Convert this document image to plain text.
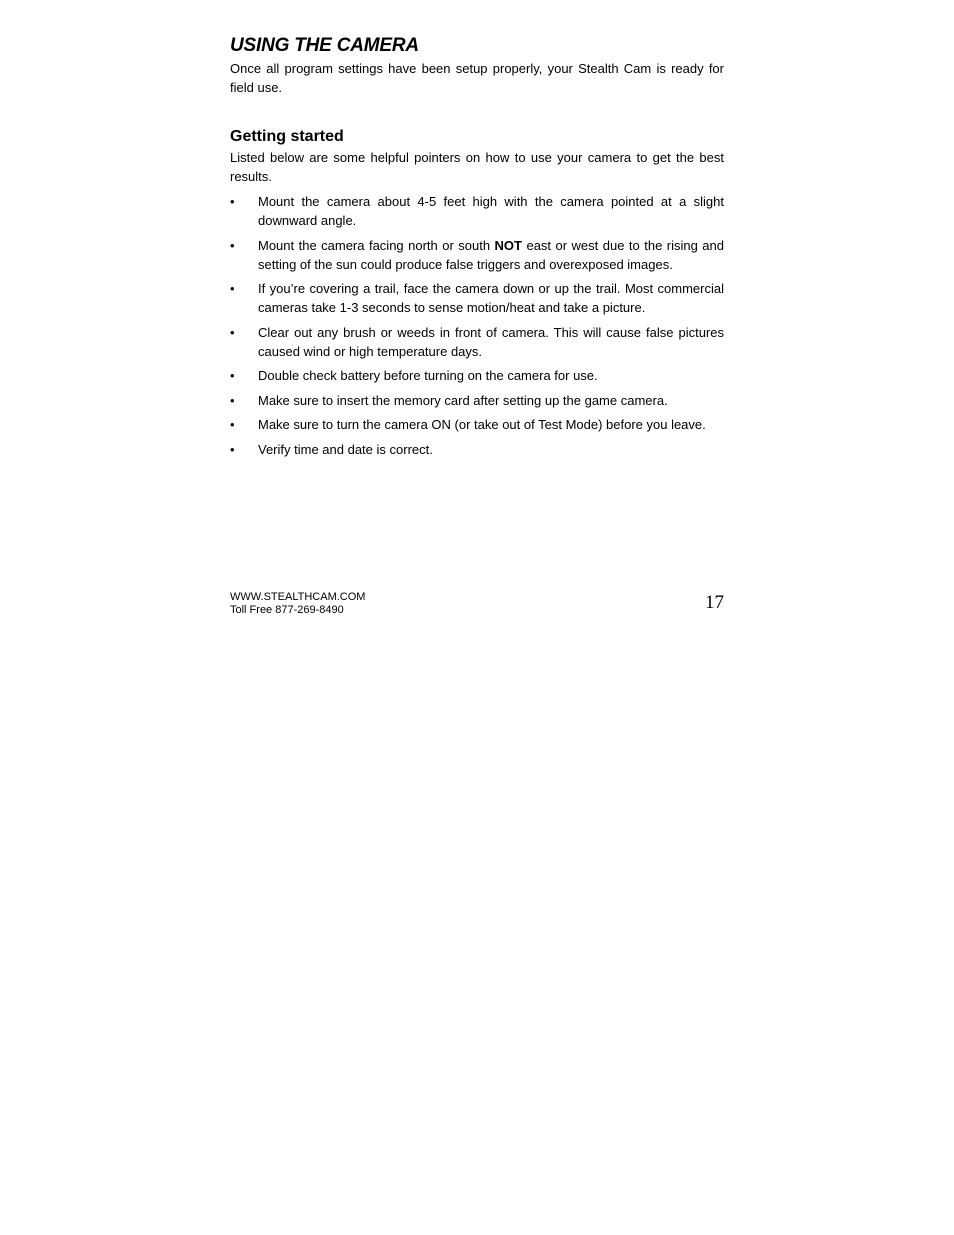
USING THE CAMERA

Once all program settings have been setup properly, your Stealth Cam is ready for field use.

Getting started

Listed below are some helpful pointers on how to use your camera to get the best results.

•	Mount the camera about 4-5 feet high with the camera pointed at a slight downward angle.
•	Mount the camera facing north or south NOT east or west due to the rising and setting of the sun could produce false triggers and overexposed images.
•	If you’re covering a trail, face the camera down or up the trail. Most commercial cameras take 1-3 seconds to sense motion/heat and take a picture.
•	Clear out any brush or weeds in front of camera. This will cause false pictures caused wind or high temperature days.
•	Double check battery before turning on the camera for use.
•	Make sure to insert the memory card after setting up the game camera.
•	Make sure to turn the camera ON (or take out of Test Mode) before you leave.
•	Verify time and date is correct.
WWW.STEALTHCAM.COM
Toll Free 877-269-8490	17
